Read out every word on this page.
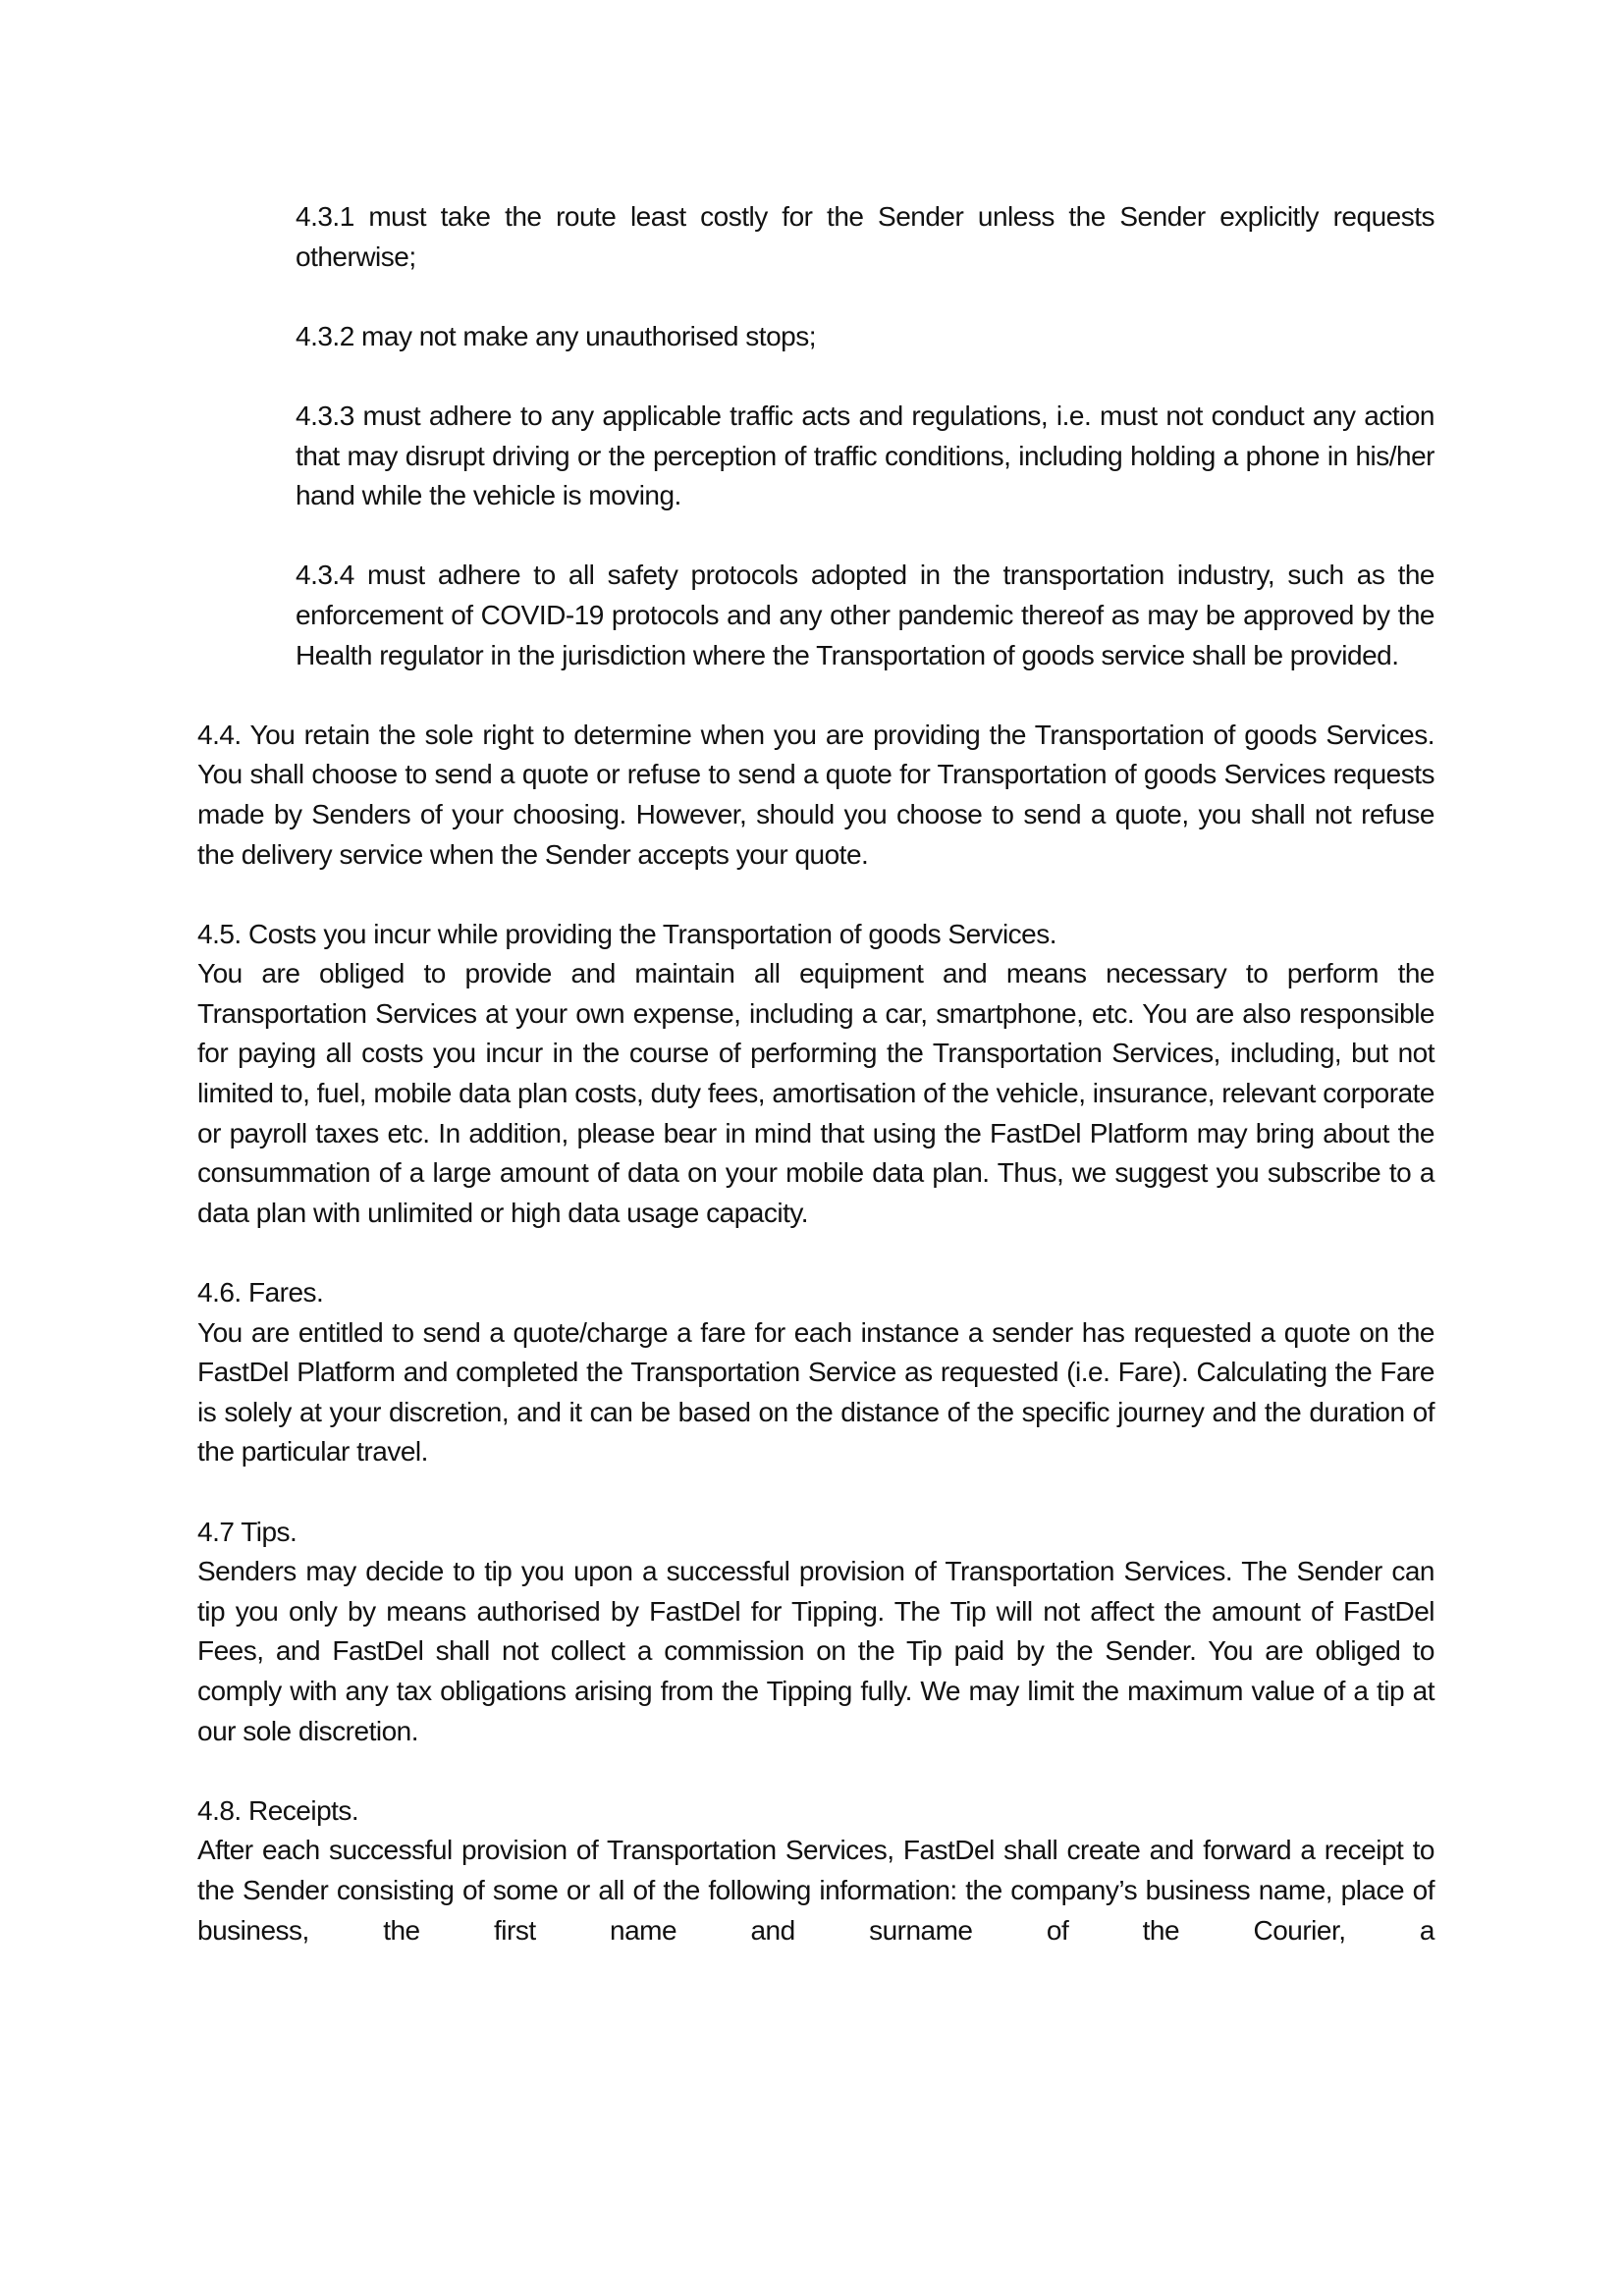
4.3.1 must take the route least costly for the Sender unless the Sender explicitly requests otherwise;

4.3.2 may not make any unauthorised stops;

4.3.3 must adhere to any applicable traffic acts and regulations, i.e. must not conduct any action that may disrupt driving or the perception of traffic conditions, including holding a phone in his/her hand while the vehicle is moving.

4.3.4 must adhere to all safety protocols adopted in the transportation industry, such as the enforcement of COVID-19 protocols and any other pandemic thereof as may be approved by the Health regulator in the jurisdiction where the Transportation of goods service shall be provided.

4.4. You retain the sole right to determine when you are providing the Transportation of goods Services. You shall choose to send a quote or refuse to send a quote for Transportation of goods Services requests made by Senders of your choosing. However, should you choose to send a quote, you shall not refuse the delivery service when the Sender accepts your quote.

4.5. Costs you incur while providing the Transportation of goods Services.
You are obliged to provide and maintain all equipment and means necessary to perform the Transportation Services at your own expense, including a car, smartphone, etc. You are also responsible for paying all costs you incur in the course of performing the Transportation Services, including, but not limited to, fuel, mobile data plan costs, duty fees, amortisation of the vehicle, insurance, relevant corporate or payroll taxes etc. In addition, please bear in mind that using the FastDel Platform may bring about the consummation of a large amount of data on your mobile data plan. Thus, we suggest you subscribe to a data plan with unlimited or high data usage capacity.
4.6. Fares.
You are entitled to send a quote/charge a fare for each instance a sender has requested a quote on the FastDel Platform and completed the Transportation Service as requested (i.e. Fare). Calculating the Fare is solely at your discretion, and it can be based on the distance of the specific journey and the duration of the particular travel.
4.7 Tips.
Senders may decide to tip you upon a successful provision of Transportation Services. The Sender can tip you only by means authorised by FastDel for Tipping. The Tip will not affect the amount of FastDel Fees, and FastDel shall not collect a commission on the Tip paid by the Sender. You are obliged to comply with any tax obligations arising from the Tipping fully. We may limit the maximum value of a tip at our sole discretion.
4.8. Receipts.
After each successful provision of Transportation Services, FastDel shall create and forward a receipt to the Sender consisting of some or all of the following information: the company’s business name, place of business, the first name and surname of the Courier, a
